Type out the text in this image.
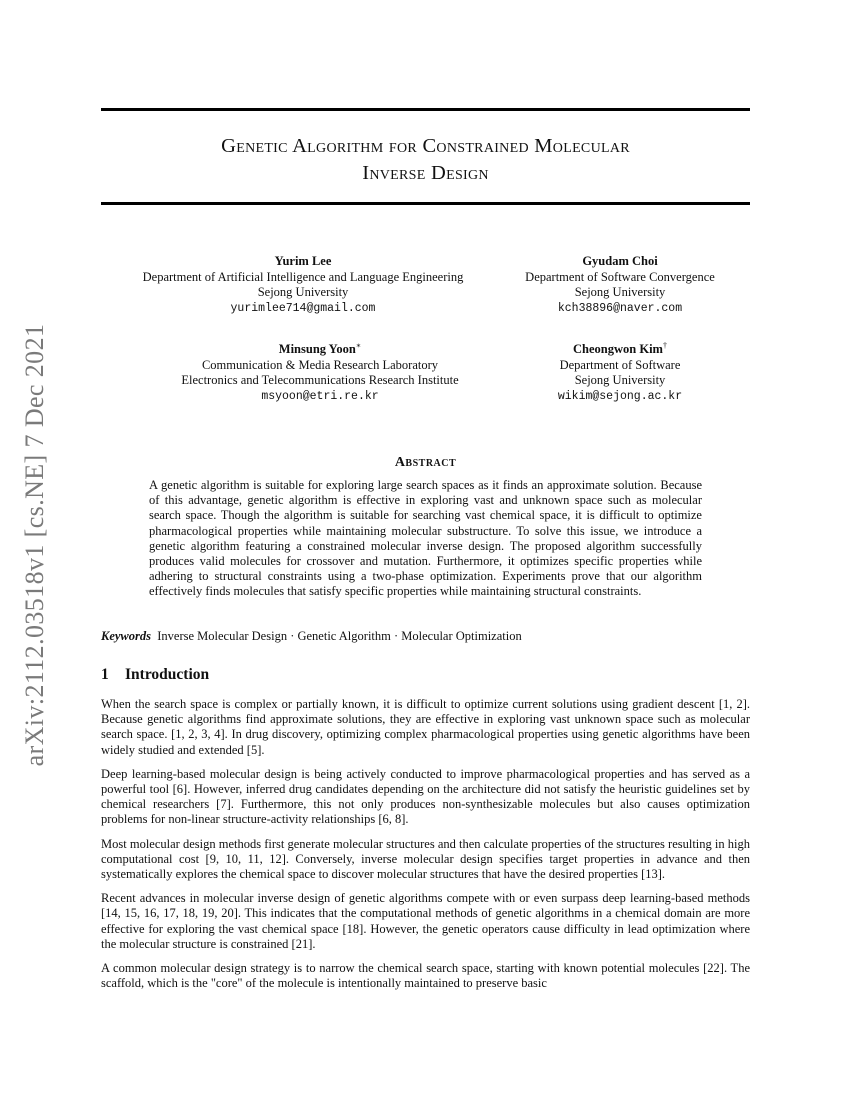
arXiv:2112.03518v1 [cs.NE] 7 Dec 2021
Genetic Algorithm for Constrained Molecular
Inverse Design
Yurim Lee
Department of Artificial Intelligence and Language Engineering
Sejong University
yurimlee714@gmail.com
Gyudam Choi
Department of Software Convergence
Sejong University
kch38896@naver.com
Minsung Yoon∗
Communication & Media Research Laboratory
Electronics and Telecommunications Research Institute
msyoon@etri.re.kr
Cheongwon Kim†
Department of Software
Sejong University
wikim@sejong.ac.kr
Abstract
A genetic algorithm is suitable for exploring large search spaces as it finds an approximate solution. Because of this advantage, genetic algorithm is effective in exploring vast and unknown space such as molecular search space. Though the algorithm is suitable for searching vast chemical space, it is difficult to optimize pharmacological properties while maintaining molecular substructure. To solve this issue, we introduce a genetic algorithm featuring a constrained molecular inverse design. The proposed algorithm successfully produces valid molecules for crossover and mutation. Furthermore, it optimizes specific properties while adhering to structural constraints using a two-phase optimization. Experiments prove that our algorithm effectively finds molecules that satisfy specific properties while maintaining structural constraints.
Keywords Inverse Molecular Design · Genetic Algorithm · Molecular Optimization
1 Introduction

When the search space is complex or partially known, it is difficult to optimize current solutions using gradient descent [1, 2]. Because genetic algorithms find approximate solutions, they are effective in exploring vast unknown space such as molecular search space. [1, 2, 3, 4]. In drug discovery, optimizing complex pharmacological properties using genetic algorithms have been widely studied and extended [5].

Deep learning-based molecular design is being actively conducted to improve pharmacological properties and has served as a powerful tool [6]. However, inferred drug candidates depending on the architecture did not satisfy the heuristic guidelines set by chemical researchers [7]. Furthermore, this not only produces non-synthesizable molecules but also causes optimization problems for non-linear structure-activity relationships [6, 8].

Most molecular design methods first generate molecular structures and then calculate properties of the structures resulting in high computational cost [9, 10, 11, 12]. Conversely, inverse molecular design specifies target properties in advance and then systematically explores the chemical space to discover molecular structures that have the desired properties [13].

Recent advances in molecular inverse design of genetic algorithms compete with or even surpass deep learning-based methods [14, 15, 16, 17, 18, 19, 20]. This indicates that the computational methods of genetic algorithms in a chemical domain are more effective for exploring the vast chemical space [18]. However, the genetic operators cause difficulty in lead optimization where the molecular structure is constrained [21].

A common molecular design strategy is to narrow the chemical search space, starting with known potential molecules [22]. The scaffold, which is the "core" of the molecule is intentionally maintained to preserve basic
